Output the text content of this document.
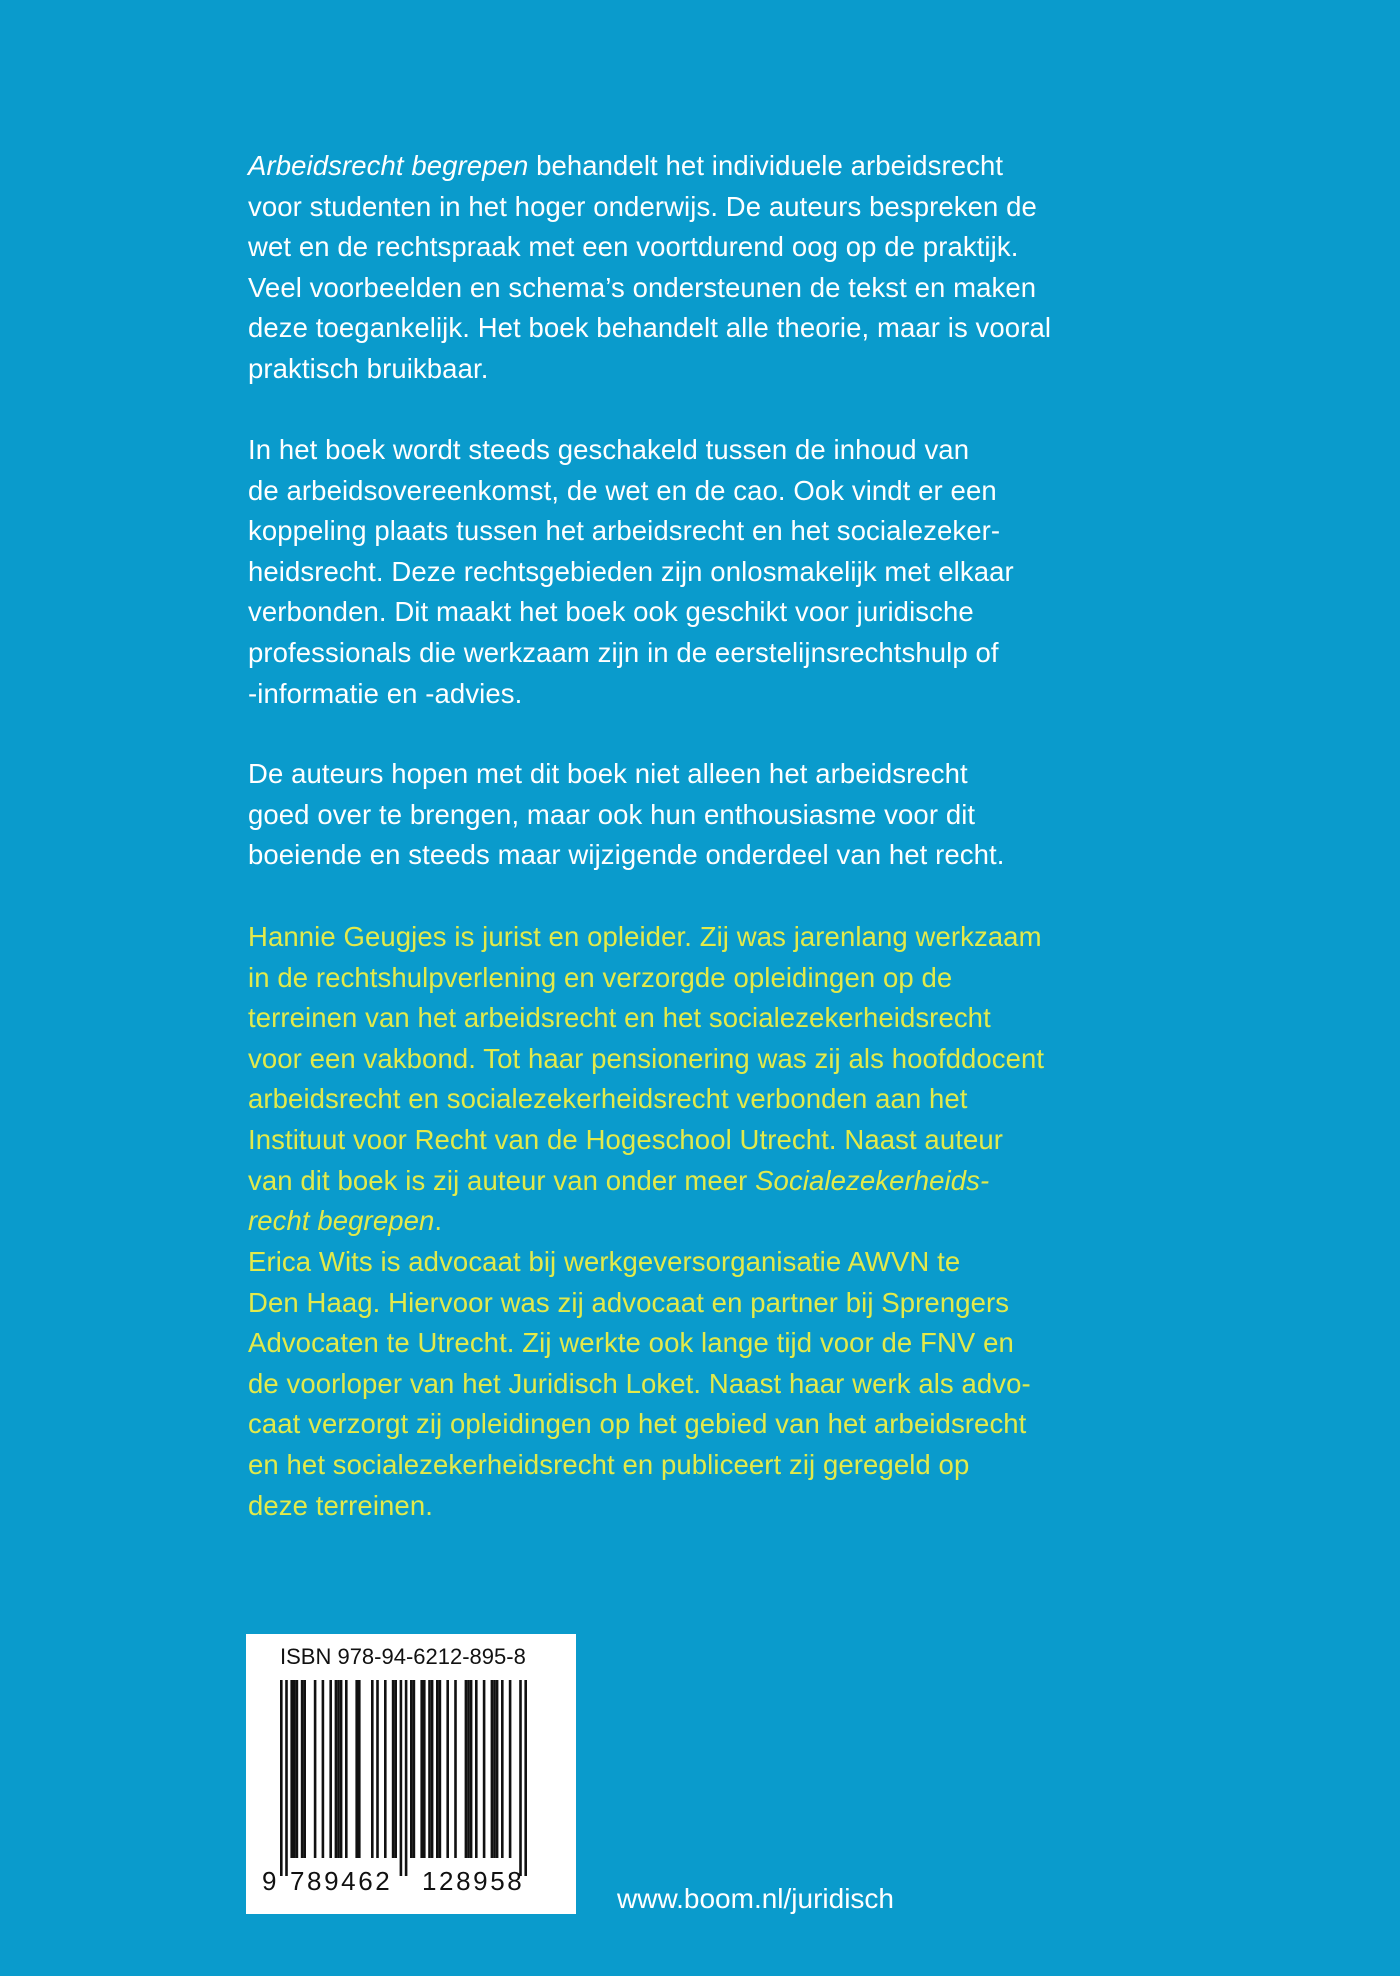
Arbeidsrecht begrepen behandelt het individuele arbeidsrecht
voor studenten in het hoger onderwijs. De auteurs bespreken de
wet en de rechtspraak met een voortdurend oog op de praktijk.
Veel voorbeelden en schema’s ondersteunen de tekst en maken
deze toegankelijk. Het boek behandelt alle theorie, maar is vooral
praktisch bruikbaar.

In het boek wordt steeds geschakeld tussen de inhoud van
de arbeidsovereenkomst, de wet en de cao. Ook vindt er een
koppeling plaats tussen het arbeidsrecht en het socialezeker-
heidsrecht. Deze rechtsgebieden zijn onlosmakelijk met elkaar
verbonden. Dit maakt het boek ook geschikt voor juridische
professionals die werkzaam zijn in de eerstelijnsrechtshulp of
-informatie en -advies.

De auteurs hopen met dit boek niet alleen het arbeidsrecht
goed over te brengen, maar ook hun enthousiasme voor dit
boeiende en steeds maar wijzigende onderdeel van het recht.

Hannie Geugjes is jurist en opleider. Zij was jarenlang werkzaam
in de rechtshulpverlening en verzorgde opleidingen op de
terreinen van het arbeidsrecht en het socialezekerheidsrecht
voor een vakbond. Tot haar pensionering was zij als hoofddocent
arbeidsrecht en socialezekerheidsrecht verbonden aan het
Instituut voor Recht van de Hogeschool Utrecht. Naast auteur
van dit boek is zij auteur van onder meer Socialezekerheids-
recht begrepen.

Erica Wits is advocaat bij werkgeversorganisatie AWVN te
Den Haag. Hiervoor was zij advocaat en partner bij Sprengers
Advocaten te Utrecht. Zij werkte ook lange tijd voor de FNV en
de voorloper van het Juridisch Loket. Naast haar werk als advo-
caat verzorgt zij opleidingen op het gebied van het arbeidsrecht
en het socialezekerheidsrecht en publiceert zij geregeld op
deze terreinen.

ISBN 978-94-6212-895-8
9 789462 128958
www.boom.nl/juridisch
